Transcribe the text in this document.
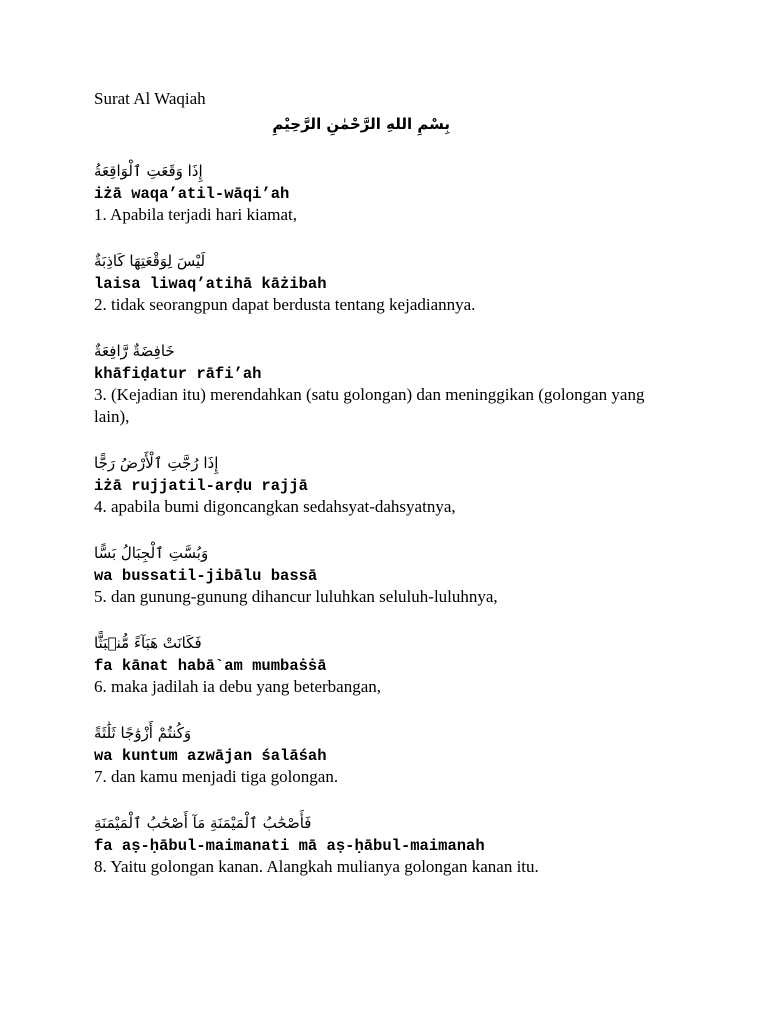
Surat Al Waqiah
بِسْمِ اللهِ الرَّحْمٰنِ الرَّحِيْمِ
إِذَا وَقَعَتِ ٱلْوَاقِعَةُ
iżā waqa’atil-wāqi’ah
1. Apabila terjadi hari kiamat,
لَيْسَ لِوَقْعَتِهَا كَاذِبَةٌ
laisa liwaq’atihā kāżibah
2. tidak seorangpun dapat berdusta tentang kejadiannya.
خَافِضَةٌ رَّافِعَةٌ
khāfiḍatur rāfi’ah
3. (Kejadian itu) merendahkan (satu golongan) dan meninggikan (golongan yang lain),
إِذَا رُجَّتِ ٱلْأَرْضُ رَجًّا
iżā rujjatil-arḍu rajjā
4. apabila bumi digoncangkan sedahsyat-dahsyatnya,
وَبُسَّتِ ٱلْجِبَالُ بَسًّا
wa bussatil-jibālu bassā
5. dan gunung-gunung dihancur luluhkan seluluh-luluhnya,
فَكَانَتْ هَبَآءً مُّنۢبَثًّا
fa kānat habā`am mumbaṡṡā
6. maka jadilah ia debu yang beterbangan,
وَكُنتُمْ أَزْوَٰجًا ثَلَٰثَةً
wa kuntum azwājan śalāśah
7. dan kamu menjadi tiga golongan.
فَأَصْحَٰبُ ٱلْمَيْمَنَةِ مَآ أَصْحَٰبُ ٱلْمَيْمَنَةِ
fa aṣ-ḥābul-maimanati mā aṣ-ḥābul-maimanah
8. Yaitu golongan kanan. Alangkah mulianya golongan kanan itu.
